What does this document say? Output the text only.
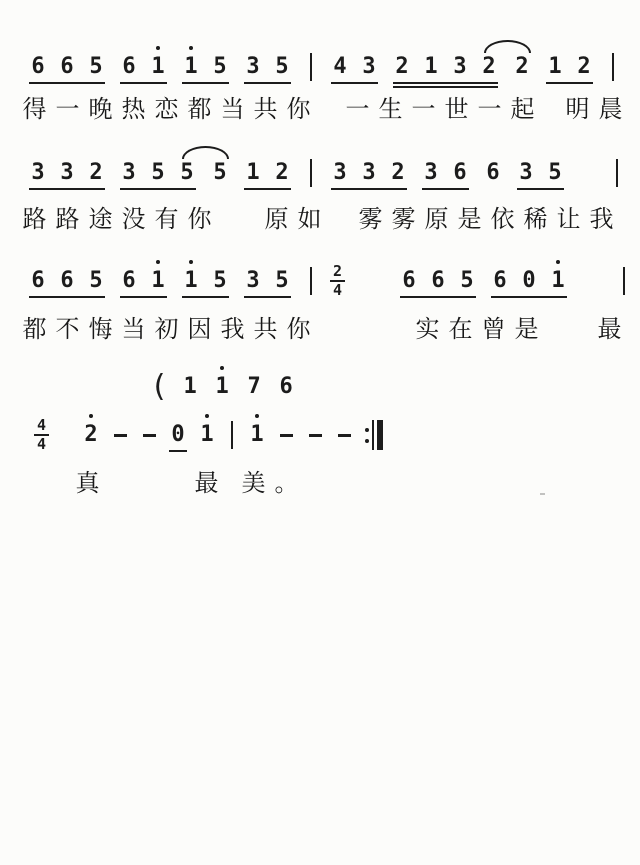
6 6 5 6 1 1 5 3 5 4 3 2 1 3 2 2 1 2
得 一 晚 热 恋 都 当 共 你 一 生 一 世 一 起 明 晨
3 3 2 3 5 5 5 1 2 3 3 2 3 6 6 3 5
路 路 途 没 有 你 原 如 雾 雾 原 是 依 稀 让 我
6 6 5 6 1 1 5 3 5	$\frac{2}{4}$	6 6 5 6 0 1
都 不 悔 当 初 因 我 共 你	实 在 曾 是 最
( 1 1 7 6
$\frac{4}{4} 2$	0 1 1
真	最 美 。
